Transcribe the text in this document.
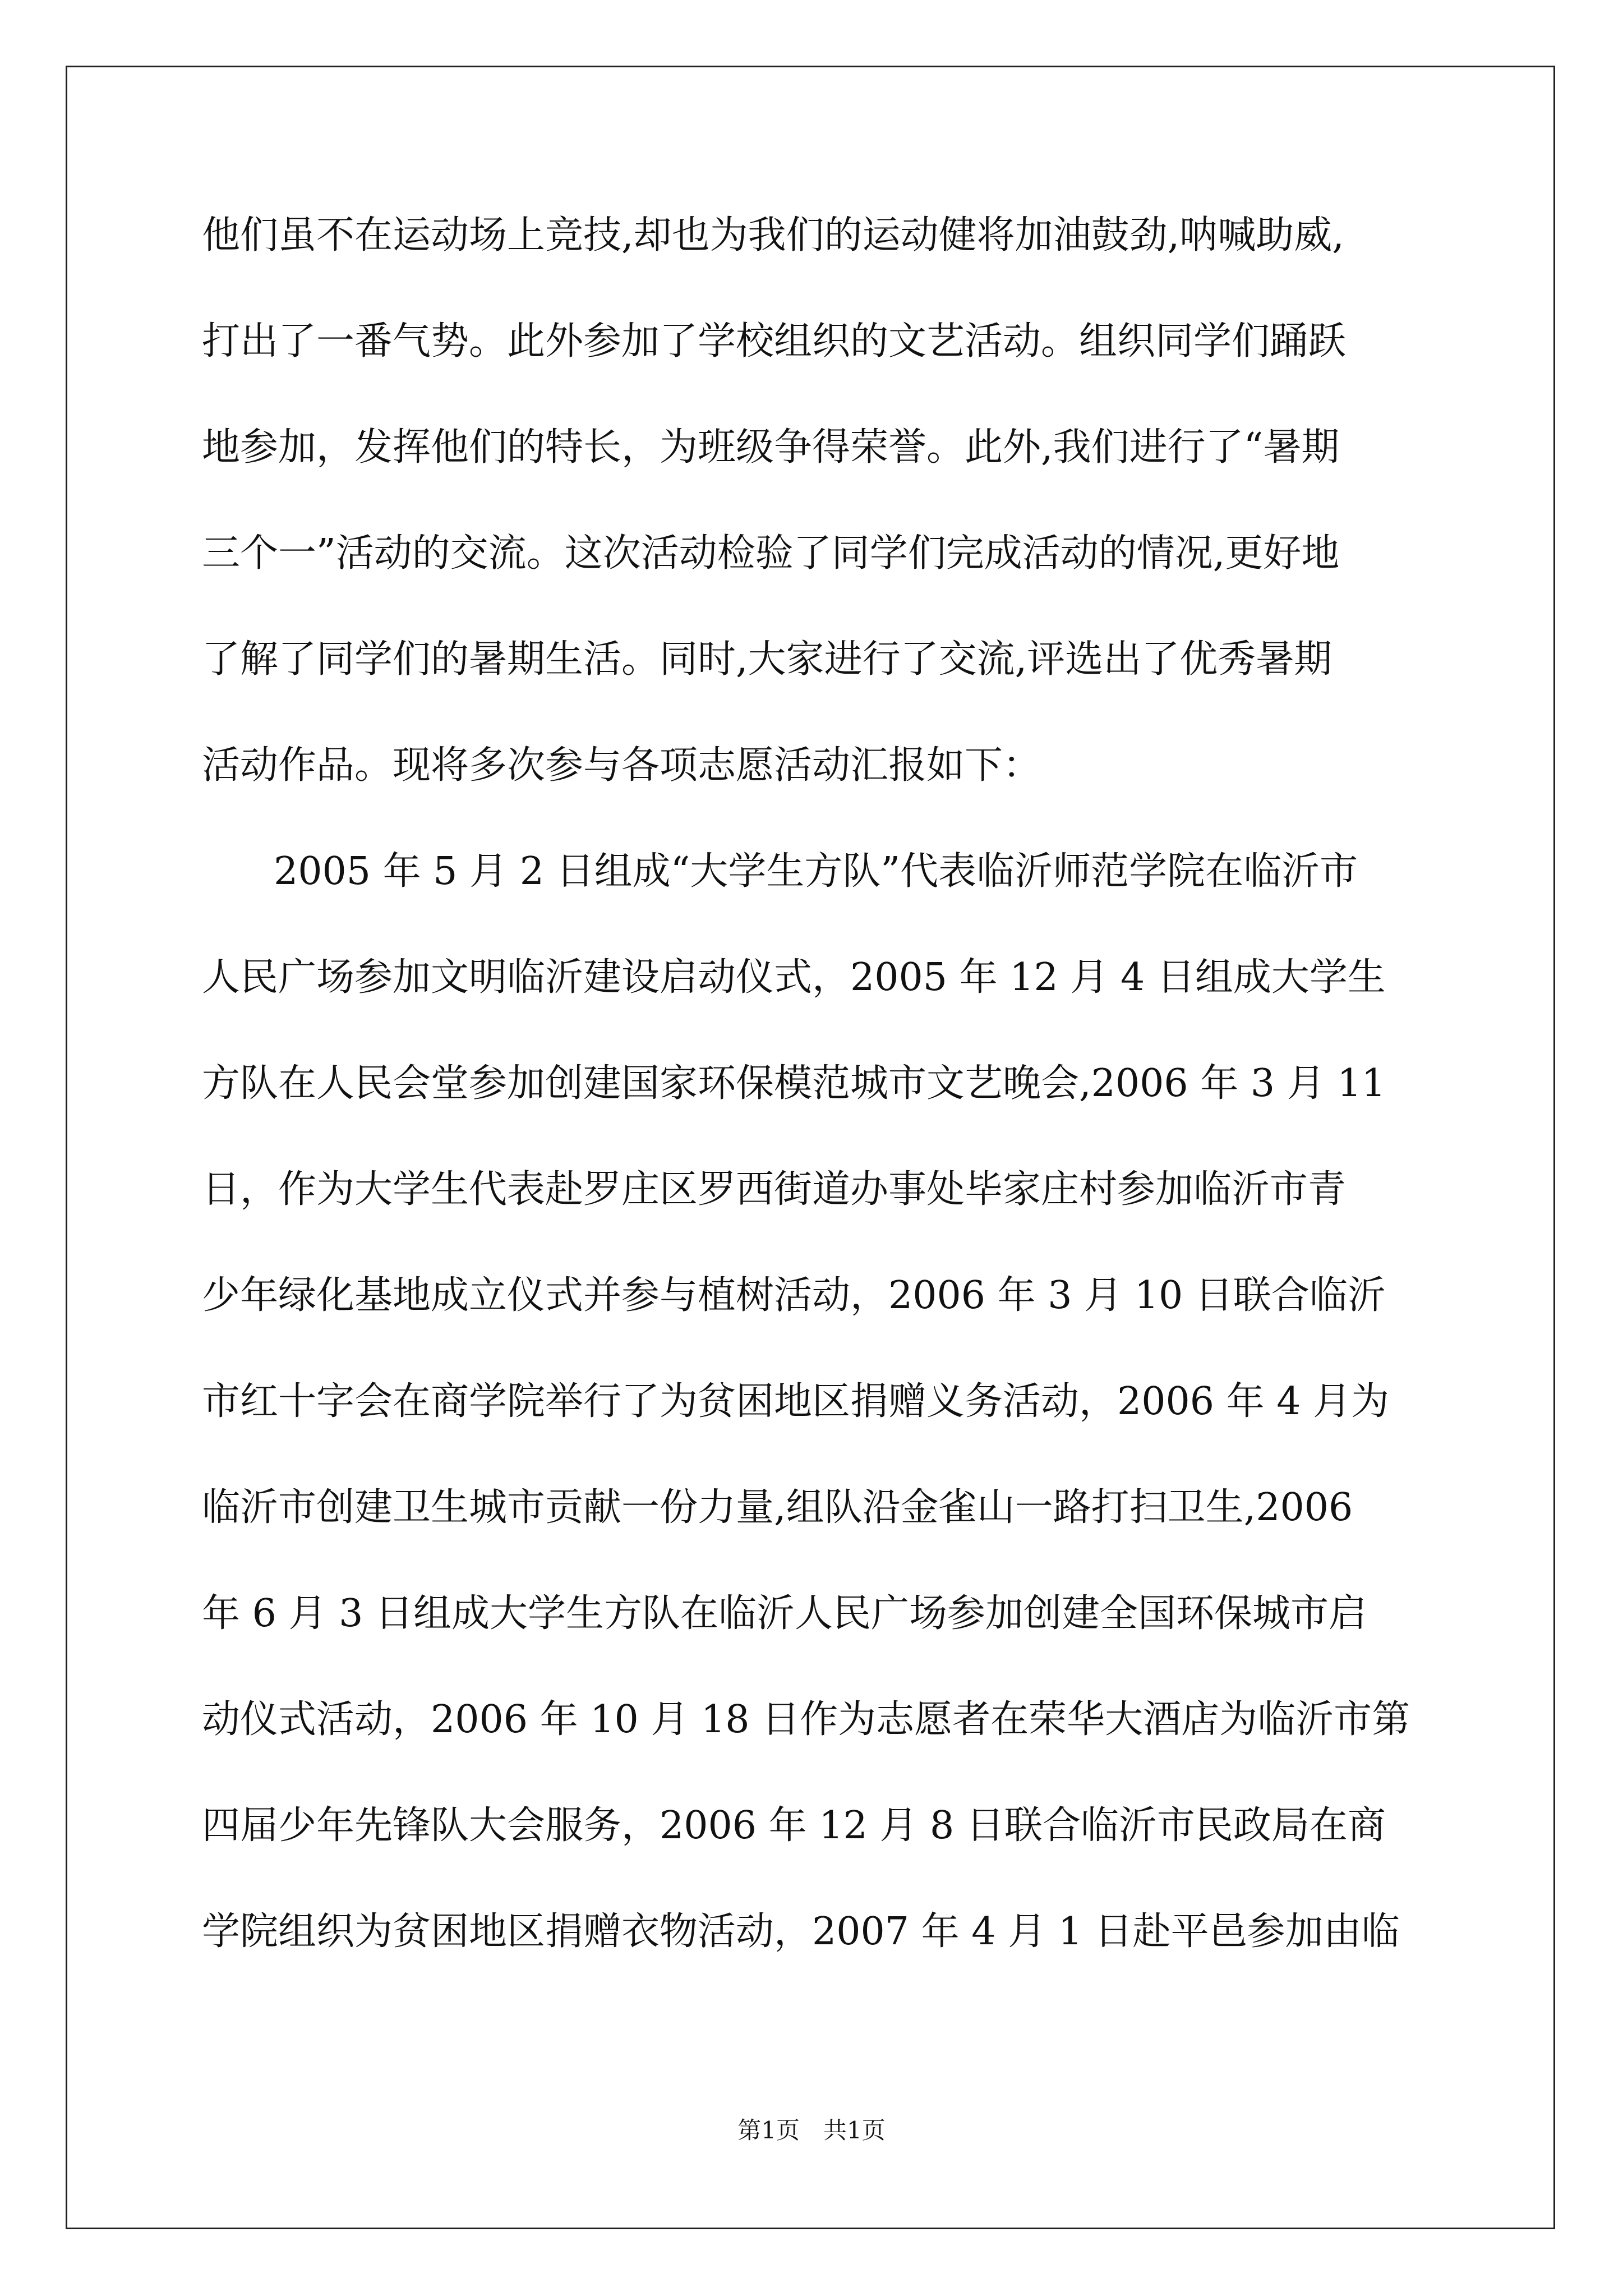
他们虽不在运动场上竞技,却也为我们的运动健将加油鼓劲,呐喊助威,
打出了一番气势。此外参加了学校组织的文艺活动。组织同学们踊跃
地参加，发挥他们的特长，为班级争得荣誉。此外,我们进行了“暑期
三个一”活动的交流。这次活动检验了同学们完成活动的情况,更好地
了解了同学们的暑期生活。同时,大家进行了交流,评选出了优秀暑期
活动作品。现将多次参与各项志愿活动汇报如下：
2005 年 5 月 2 日组成“大学生方队”代表临沂师范学院在临沂市
人民广场参加文明临沂建设启动仪式，2005 年 12 月 4 日组成大学生
方队在人民会堂参加创建国家环保模范城市文艺晚会,2006 年 3 月 11
日，作为大学生代表赴罗庄区罗西街道办事处毕家庄村参加临沂市青
少年绿化基地成立仪式并参与植树活动，2006 年 3 月 10 日联合临沂
市红十字会在商学院举行了为贫困地区捐赠义务活动，2006 年 4 月为
临沂市创建卫生城市贡献一份力量,组队沿金雀山一路打扫卫生,2006
年 6 月 3 日组成大学生方队在临沂人民广场参加创建全国环保城市启
动仪式活动，2006 年 10 月 18 日作为志愿者在荣华大酒店为临沂市第
四届少年先锋队大会服务，2006 年 12 月 8 日联合临沂市民政局在商
学院组织为贫困地区捐赠衣物活动，2007 年 4 月 1 日赴平邑参加由临
第1页　共1页
